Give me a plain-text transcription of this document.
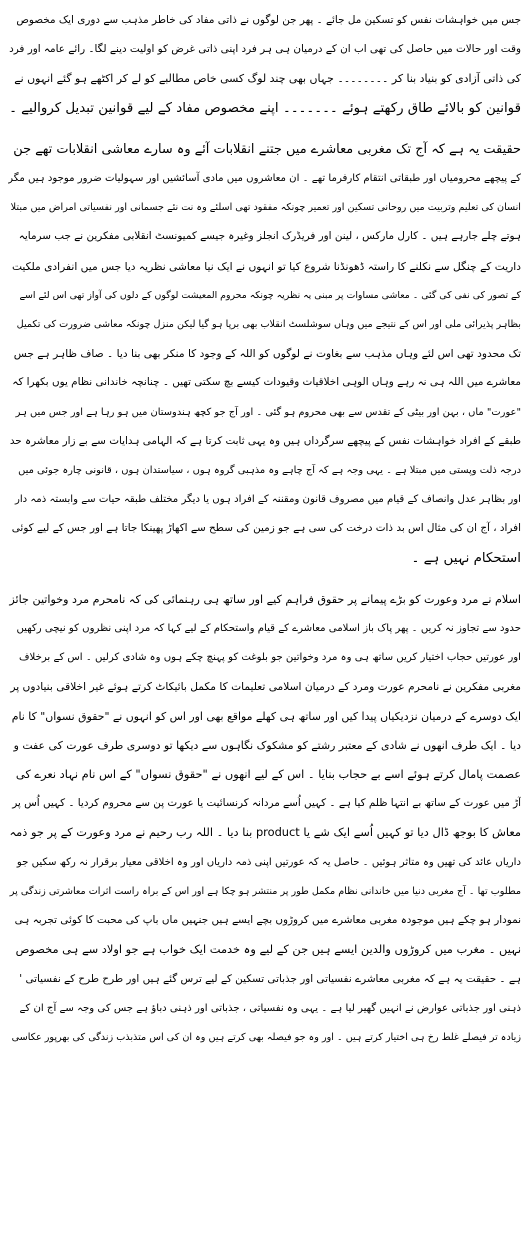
جس میں خواہشات نفس کو تسکین مل جائے ۔ پھر جن لوگوں نے ذاتی مفاد کی خاطر مذہب سے دوری ایک مخصوص
وقت اور حالات میں حاصل کی تھی اب ان کے درمیان ہی ہر فرد اپنی ذاتی غرض کو اولیت دینے لگا۔ رائے عامہ اور فرد
کی ذاتی آزادی کو بنیاد بنا کر ۔۔۔۔۔۔۔۔ جہاں بھی چند لوگ کسی خاص مطالبے کو لے کر اکٹھے ہو گئے انہوں نے
قوانین کو بالائے طاق رکھتے ہوئے ۔۔۔۔۔۔۔ اپنے مخصوص مفاد کے لیے قوانین تبدیل کروالیے ۔
حقیقت یہ ہے کہ آج تک مغربی معاشرے میں جتنے انقلابات آئے وہ سارے معاشی انقلابات تھے جن
کے پیچھے محرومیاں اور طبقاتی انتقام کارفرما تھے ۔ ان معاشروں میں مادی آسائشیں اور سہولیات ضرور موجود ہیں مگر
انسان کی تعلیم وتربیت میں روحانی تسکین اور تعمیر چونکہ مفقود تھی اسلئے وہ نت نئے جسمانی اور نفسیاتی امراض میں مبتلا
ہوتے چلے جارہے ہیں ۔ کارل مارکس ، لینن اور فریڈرک انجلز وغیرہ جیسے کمیونسٹ انقلابی مفکرین نے جب سرمایہ
داریت کے چنگل سے نکلنے کا راستہ ڈھونڈنا شروع کیا تو انہوں نے ایک نیا معاشی نظریہ دیا جس میں انفرادی ملکیت
کے تصور کی نفی کی گئی ۔ معاشی مساوات پر مبنی یہ نظریہ چونکہ محروم المعیشت لوگوں کے دلوں کی آواز تھی اس لئے اسے
بظاہر پذیرائی ملی اور اس کے نتیجے میں وہاں سوشلسٹ انقلاب بھی برپا ہو گیا لیکن منزل چونکہ معاشی ضرورت کی تکمیل
تک محدود تھی اس لئے وہاں مذہب سے بغاوت نے لوگوں کو اللہ کے وجود کا منکر بھی بنا دیا ۔ صاف ظاہر ہے جس
معاشرے میں اللہ ہی نہ رہے وہاں الوہی اخلاقیات وقیودات کیسے بچ سکتی تھیں ۔ چنانچہ خاندانی نظام یوں بکھرا کہ
"عورت" ماں ، بہن اور بیٹی کے تقدس سے بھی محروم ہو گئی ۔ اور آج جو کچھ ہندوستان میں ہو رہا ہے اور جس میں ہر
طبقے کے افراد خواہشات نفس کے پیچھے سرگرداں ہیں وہ یہی ثابت کرتا ہے کہ الہامی ہدایات سے بے زار معاشرہ حد
درجہ ذلت وپستی میں مبتلا ہے ۔ یہی وجہ ہے کہ آج چاہے وہ مذہبی گروہ ہوں ، سیاستدان ہوں ، قانونی چارہ جوئی میں
اور بظاہر عدل وانصاف کے قیام میں مصروف قانون ومقننہ کے افراد ہوں یا دیگر مختلف طبقہ حیات سے وابستہ ذمہ دار
افراد ، آج ان کی مثال اس بد ذات درخت کی سی ہے جو زمین کی سطح سے اکھاڑ پھینکا جاتا ہے اور جس کے لیے کوئی
استحکام نہیں ہے ۔
اسلام نے مرد وعورت کو بڑے پیمانے پر حقوق فراہم کیے اور ساتھ ہی رہنمائی کی کہ نامحرم مرد وخواتین جائز
حدود سے تجاوز نہ کریں ۔ پھر پاک باز اسلامی معاشرے کے قیام واستحکام کے لیے کہا کہ مرد اپنی نظروں کو نیچی رکھیں
اور عورتیں حجاب اختیار کریں ساتھ ہی وہ مرد وخواتین جو بلوغت کو پہنچ چکے ہوں وہ شادی کرلیں ۔ اس کے برخلاف
مغربی مفکرین نے نامحرم عورت ومرد کے درمیان اسلامی تعلیمات کا مکمل بائیکاٹ کرتے ہوئے غیر اخلاقی بنیادوں پر
ایک دوسرے کے درمیان نزدیکیاں پیدا کیں اور ساتھ ہی کھلے مواقع بھی اور اس کو انہوں نے "حقوق نسواں" کا نام
دیا ۔ ایک طرف انھوں نے شادی کے معتبر رشتے کو مشکوک نگاہوں سے دیکھا تو دوسری طرف عورت کی عفت و
عصمت پامال کرتے ہوئے اسے بے حجاب بنایا ۔ اس کے لیے انھوں نے "حقوق نسواں" کے اس نام نہاد نعرے کی
آڑ میں عورت کے ساتھ بے انتہا ظلم کیا ہے ۔ کہیں اُسے مردانہ کرنسائیت یا عورت پن سے محروم کردیا ۔ کہیں اُس پر
معاش کا بوجھ ڈال دیا تو کہیں اُسے ایک شے یا product بنا دیا ۔ اللہ رب رحیم نے مرد وعورت کے پر جو ذمہ
داریاں عائد کی تھیں وہ متاثر ہوئیں ۔ حاصل یہ کہ عورتیں اپنی ذمہ داریاں اور وہ اخلاقی معیار برقرار نہ رکھ سکیں جو
مطلوب تھا ۔ آج مغربی دنیا میں خاندانی نظام مکمل طور پر منتشر ہو چکا ہے اور اس کے براہ راست اثرات معاشرتی زندگی پر
نمودار ہو چکے ہیں موجودہ مغربی معاشرے میں کروڑوں بچے ایسے ہیں جنہیں ماں باپ کی محبت کا کوئی تجربہ ہی
نہیں ۔ مغرب میں کروڑوں والدین ایسے ہیں جن کے لیے وہ خدمت ایک خواب ہے جو اولاد سے ہی مخصوص
ہے ۔ حقیقت یہ ہے کہ مغربی معاشرے نفسیاتی اور جذباتی تسکین کے لیے ترس گئے ہیں اور طرح طرح کے نفسیاتی '
ذہنی اور جذباتی عوارض نے انہیں گھیر لیا ہے ۔ یہی وہ نفسیاتی ، جذباتی اور ذہنی دباؤ ہے جس کی وجہ سے آج ان کے
زیادہ تر فیصلے غلط رخ ہی اختیار کرتے ہیں ۔ اور وہ جو فیصلہ بھی کرتے ہیں وہ ان کی اس متذبذب زندگی کی بھرپور عکاسی
